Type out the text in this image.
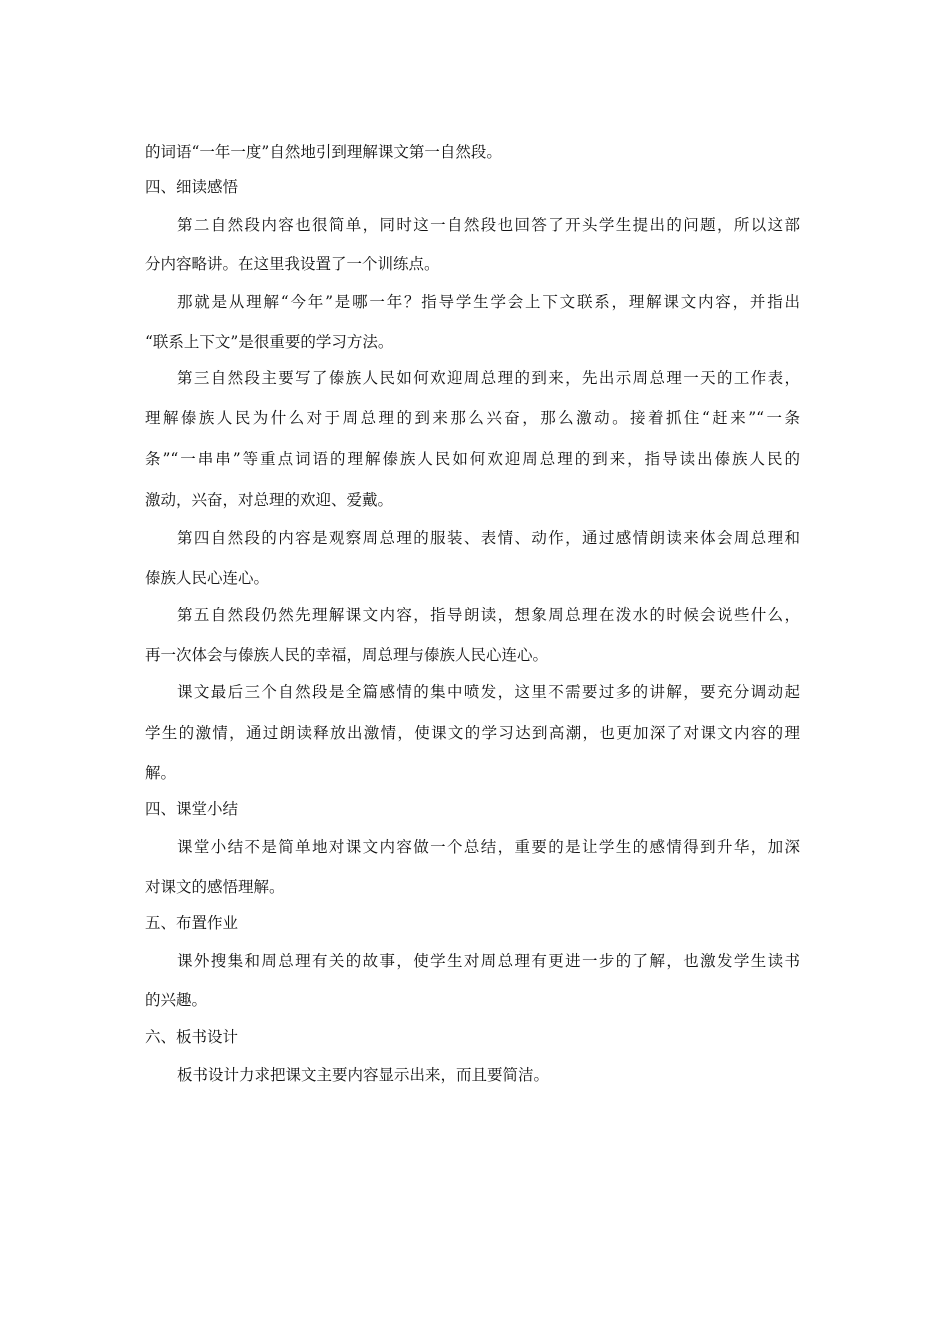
的词语“一年一度”自然地引到理解课文第一自然段。

四、细读感悟

第二自然段内容也很简单，同时这一自然段也回答了开头学生提出的问题，所以这部

分内容略讲。在这里我设置了一个训练点。

那就是从理解“今年”是哪一年？指导学生学会上下文联系，理解课文内容，并指出

“联系上下文”是很重要的学习方法。

第三自然段主要写了傣族人民如何欢迎周总理的到来，先出示周总理一天的工作表，

理解傣族人民为什么对于周总理的到来那么兴奋，那么激动。接着抓住“赶来”“一条

条”“一串串”等重点词语的理解傣族人民如何欢迎周总理的到来，指导读出傣族人民的

激动，兴奋，对总理的欢迎、爱戴。

第四自然段的内容是观察周总理的服装、表情、动作，通过感情朗读来体会周总理和

傣族人民心连心。

第五自然段仍然先理解课文内容，指导朗读，想象周总理在泼水的时候会说些什么，

再一次体会与傣族人民的幸福，周总理与傣族人民心连心。

课文最后三个自然段是全篇感情的集中喷发，这里不需要过多的讲解，要充分调动起

学生的激情，通过朗读释放出激情，使课文的学习达到高潮，也更加深了对课文内容的理

解。

四、课堂小结

课堂小结不是简单地对课文内容做一个总结，重要的是让学生的感情得到升华，加深

对课文的感悟理解。

五、布置作业

课外搜集和周总理有关的故事，使学生对周总理有更进一步的了解，也激发学生读书

的兴趣。

六、板书设计

板书设计力求把课文主要内容显示出来，而且要简洁。
